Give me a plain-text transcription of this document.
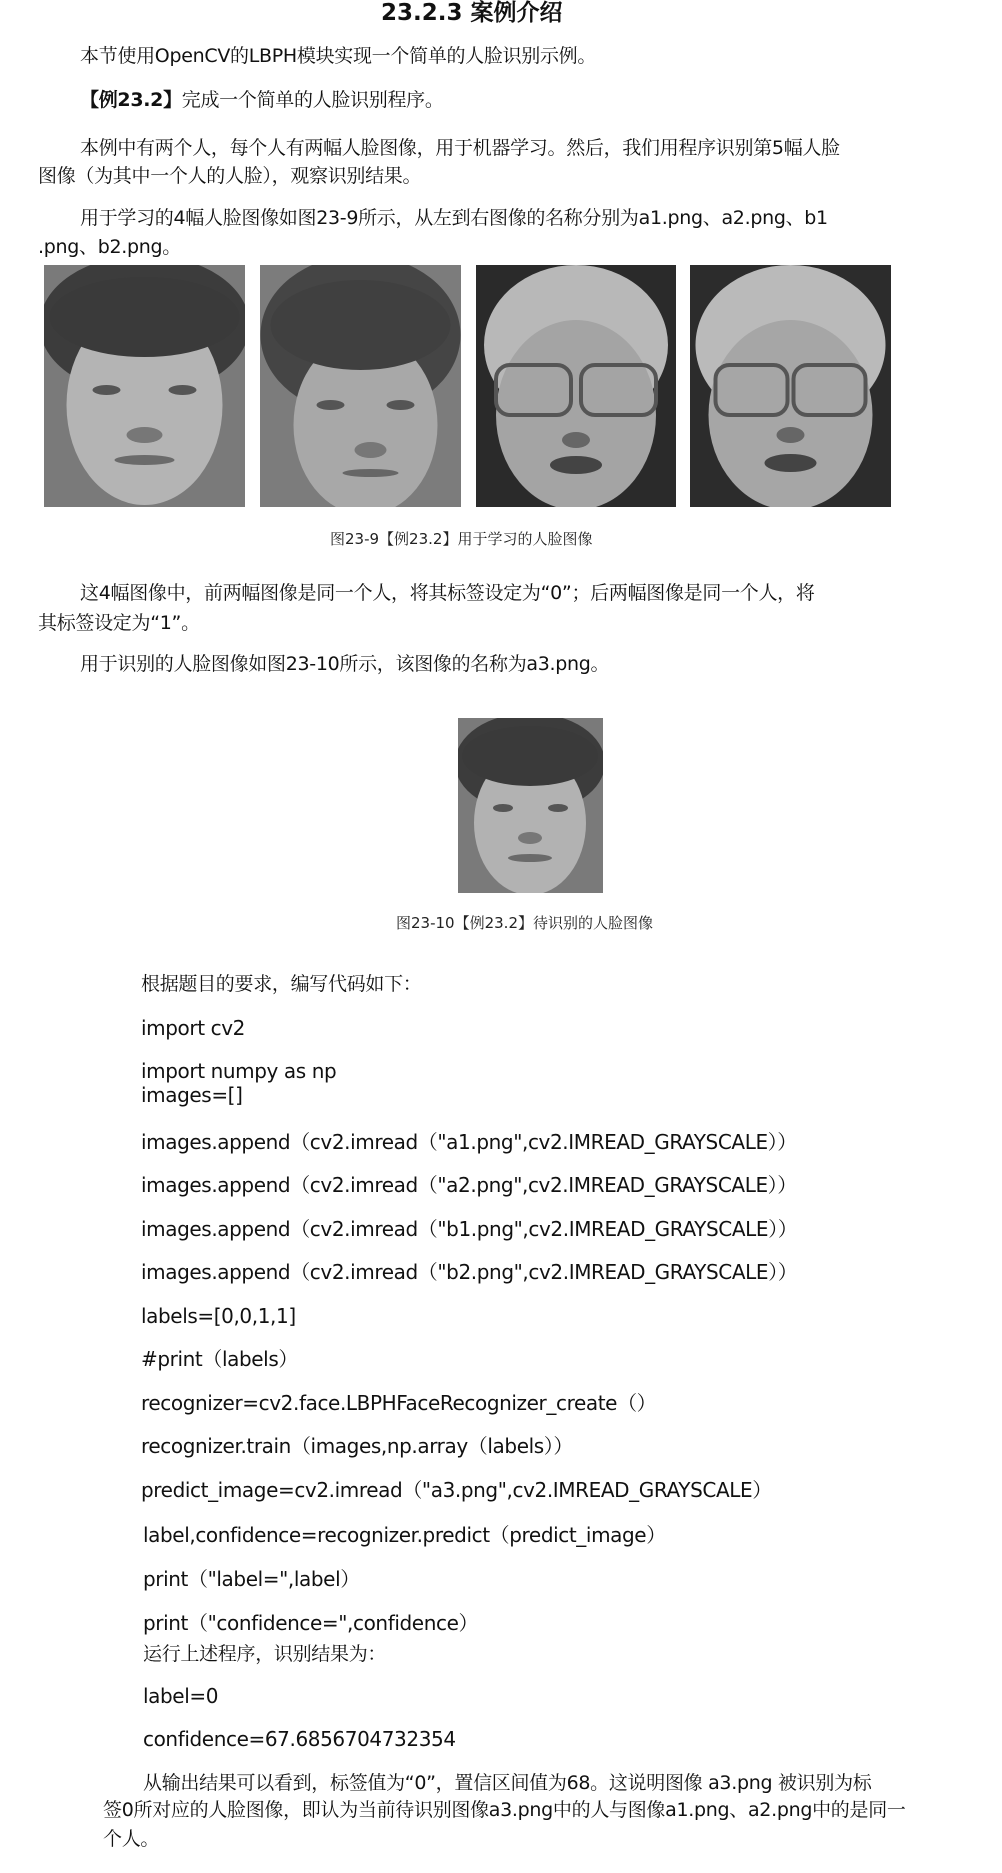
23.2.3 案例介绍
本节使用OpenCV的LBPH模块实现一个简单的人脸识别示例。
【例23.2】完成一个简单的人脸识别程序。
本例中有两个人，每个人有两幅人脸图像，用于机器学习。然后，我们用程序识别第5幅人脸
图像（为其中一个人的人脸），观察识别结果。
用于学习的4幅人脸图像如图23-9所示，从左到右图像的名称分别为a1.png、a2.png、b1
.png、b2.png。
图23-9【例23.2】用于学习的人脸图像
这4幅图像中，前两幅图像是同一个人，将其标签设定为“0”；后两幅图像是同一个人，将
其标签设定为“1”。
用于识别的人脸图像如图23-10所示，该图像的名称为a3.png。
图23-10【例23.2】待识别的人脸图像
根据题目的要求，编写代码如下：
import cv2
import numpy as np
images=[]
images.append（cv2.imread（"a1.png",cv2.IMREAD_GRAYSCALE））
images.append（cv2.imread（"a2.png",cv2.IMREAD_GRAYSCALE））
images.append（cv2.imread（"b1.png",cv2.IMREAD_GRAYSCALE））
images.append（cv2.imread（"b2.png",cv2.IMREAD_GRAYSCALE））
labels=[0,0,1,1]
#print（labels）
recognizer=cv2.face.LBPHFaceRecognizer_create（）
recognizer.train（images,np.array（labels））
predict_image=cv2.imread（"a3.png",cv2.IMREAD_GRAYSCALE）
label,confidence=recognizer.predict（predict_image）
print（"label=",label）
print（"confidence=",confidence）
运行上述程序，识别结果为：
label=0
confidence=67.6856704732354
从输出结果可以看到，标签值为“0”，置信区间值为68。这说明图像 a3.png 被识别为标
签0所对应的人脸图像，即认为当前待识别图像a3.png中的人与图像a1.png、a2.png中的是同一
个人。
